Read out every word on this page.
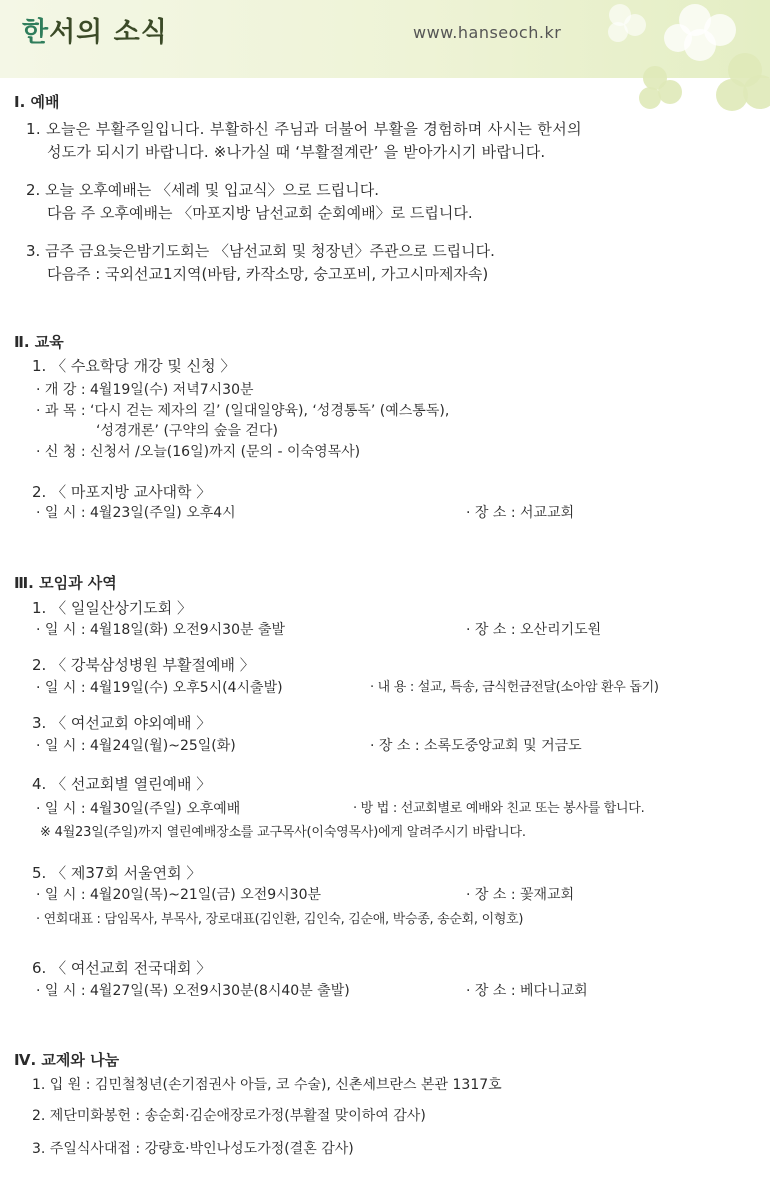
한서의 소식	www.hanseoch.kr
Ⅰ. 예배
1. 오늘은 부활주일입니다. 부활하신 주님과 더불어 부활을 경험하며 사시는 한서의
성도가 되시기 바랍니다. ※나가실 때 ‘부활절계란’ 을 받아가시기 바랍니다.
2. 오늘 오후예배는 〈세례 및 입교식〉으로 드립니다.
다음 주 오후예배는 〈마포지방 남선교회 순회예배〉로 드립니다.
3. 금주 금요늦은밤기도회는 〈남선교회 및 청장년〉주관으로 드립니다.
다음주 : 국외선교1지역(바탐, 카작소망, 숭고포비, 가고시마제자속)
Ⅱ. 교육
1. 〈 수요학당 개강 및 신청 〉
· 개 강 : 4월19일(수) 저녁7시30분
· 과 목 : ‘다시 걷는 제자의 길’ (일대일양육), ‘성경통독’ (예스통독),
‘성경개론’ (구약의 숲을 걷다)
· 신 청 : 신청서 /오늘(16일)까지 (문의 - 이숙영목사)
2. 〈 마포지방 교사대학 〉
· 일 시 : 4월23일(주일) 오후4시	· 장 소 : 서교교회
Ⅲ. 모임과 사역
1. 〈 일일산상기도회 〉
· 일 시 : 4월18일(화) 오전9시30분 출발	· 장 소 : 오산리기도원
2. 〈 강북삼성병원 부활절예배 〉
· 일 시 : 4월19일(수) 오후5시(4시출발)	· 내 용 : 설교, 특송, 금식헌금전달(소아암 환우 돕기)
3. 〈 여선교회 야외예배 〉
· 일 시 : 4월24일(월)~25일(화)	· 장 소 : 소록도중앙교회 및 거금도
4. 〈 선교회별 열린예배 〉
· 일 시 : 4월30일(주일) 오후예배	· 방 법 : 선교회별로 예배와 친교 또는 봉사를 합니다.
※ 4월23일(주일)까지 열린예배장소를 교구목사(이숙영목사)에게 알려주시기 바랍니다.
5. 〈 제37회 서울연회 〉
· 일 시 : 4월20일(목)~21일(금) 오전9시30분	· 장 소 : 꽃재교회
· 연회대표 : 담임목사, 부목사, 장로대표(김인환, 김인숙, 김순애, 박승종, 송순회, 이형호)
6. 〈 여선교회 전국대회 〉
· 일 시 : 4월27일(목) 오전9시30분(8시40분 출발)	· 장 소 : 베다니교회
Ⅳ. 교제와 나눔
1. 입 원 : 김민철청년(손기점권사 아들, 코 수술), 신촌세브란스 본관 1317호
2. 제단미화봉헌 : 송순회·김순애장로가정(부활절 맞이하여 감사)
3. 주일식사대접 : 강량호·박인나성도가정(결혼 감사)
